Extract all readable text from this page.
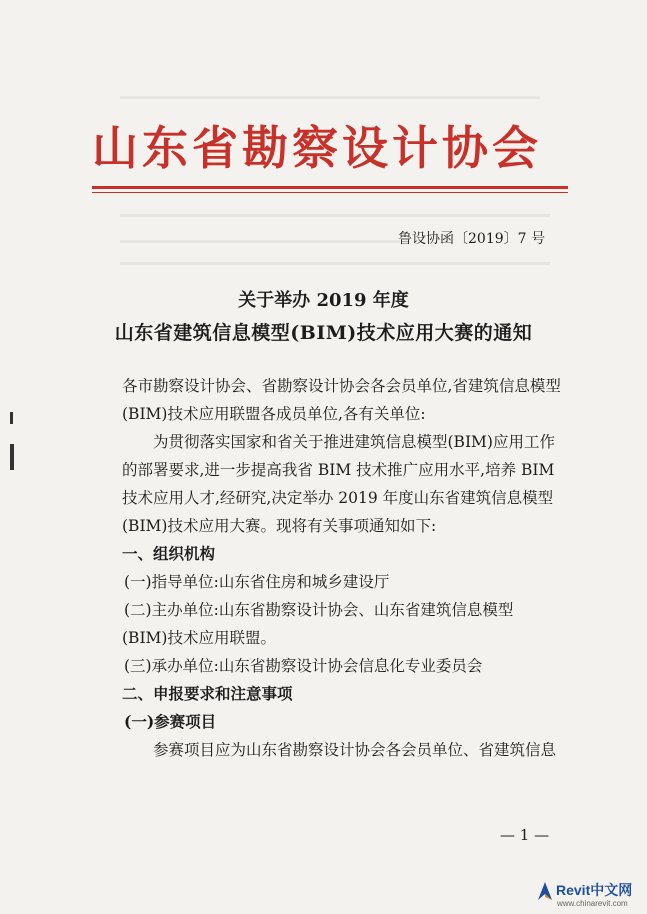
山东省勘察设计协会
鲁设协函〔2019〕7 号
关于举办 2019 年度
山东省建筑信息模型(BIM)技术应用大赛的通知

各市勘察设计协会、省勘察设计协会各会员单位,省建筑信息模型

(BIM)技术应用联盟各成员单位,各有关单位:

为贯彻落实国家和省关于推进建筑信息模型(BIM)应用工作

的部署要求,进一步提高我省 BIM 技术推广应用水平,培养 BIM

技术应用人才,经研究,决定举办 2019 年度山东省建筑信息模型

(BIM)技术应用大赛。现将有关事项通知如下:

一、组织机构

(一)指导单位:山东省住房和城乡建设厅

(二)主办单位:山东省勘察设计协会、山东省建筑信息模型

(BIM)技术应用联盟。

(三)承办单位:山东省勘察设计协会信息化专业委员会

二、申报要求和注意事项

(一)参赛项目

参赛项目应为山东省勘察设计协会各会员单位、省建筑信息

— 1 —
Revit中文网
www.chinarevit.com
